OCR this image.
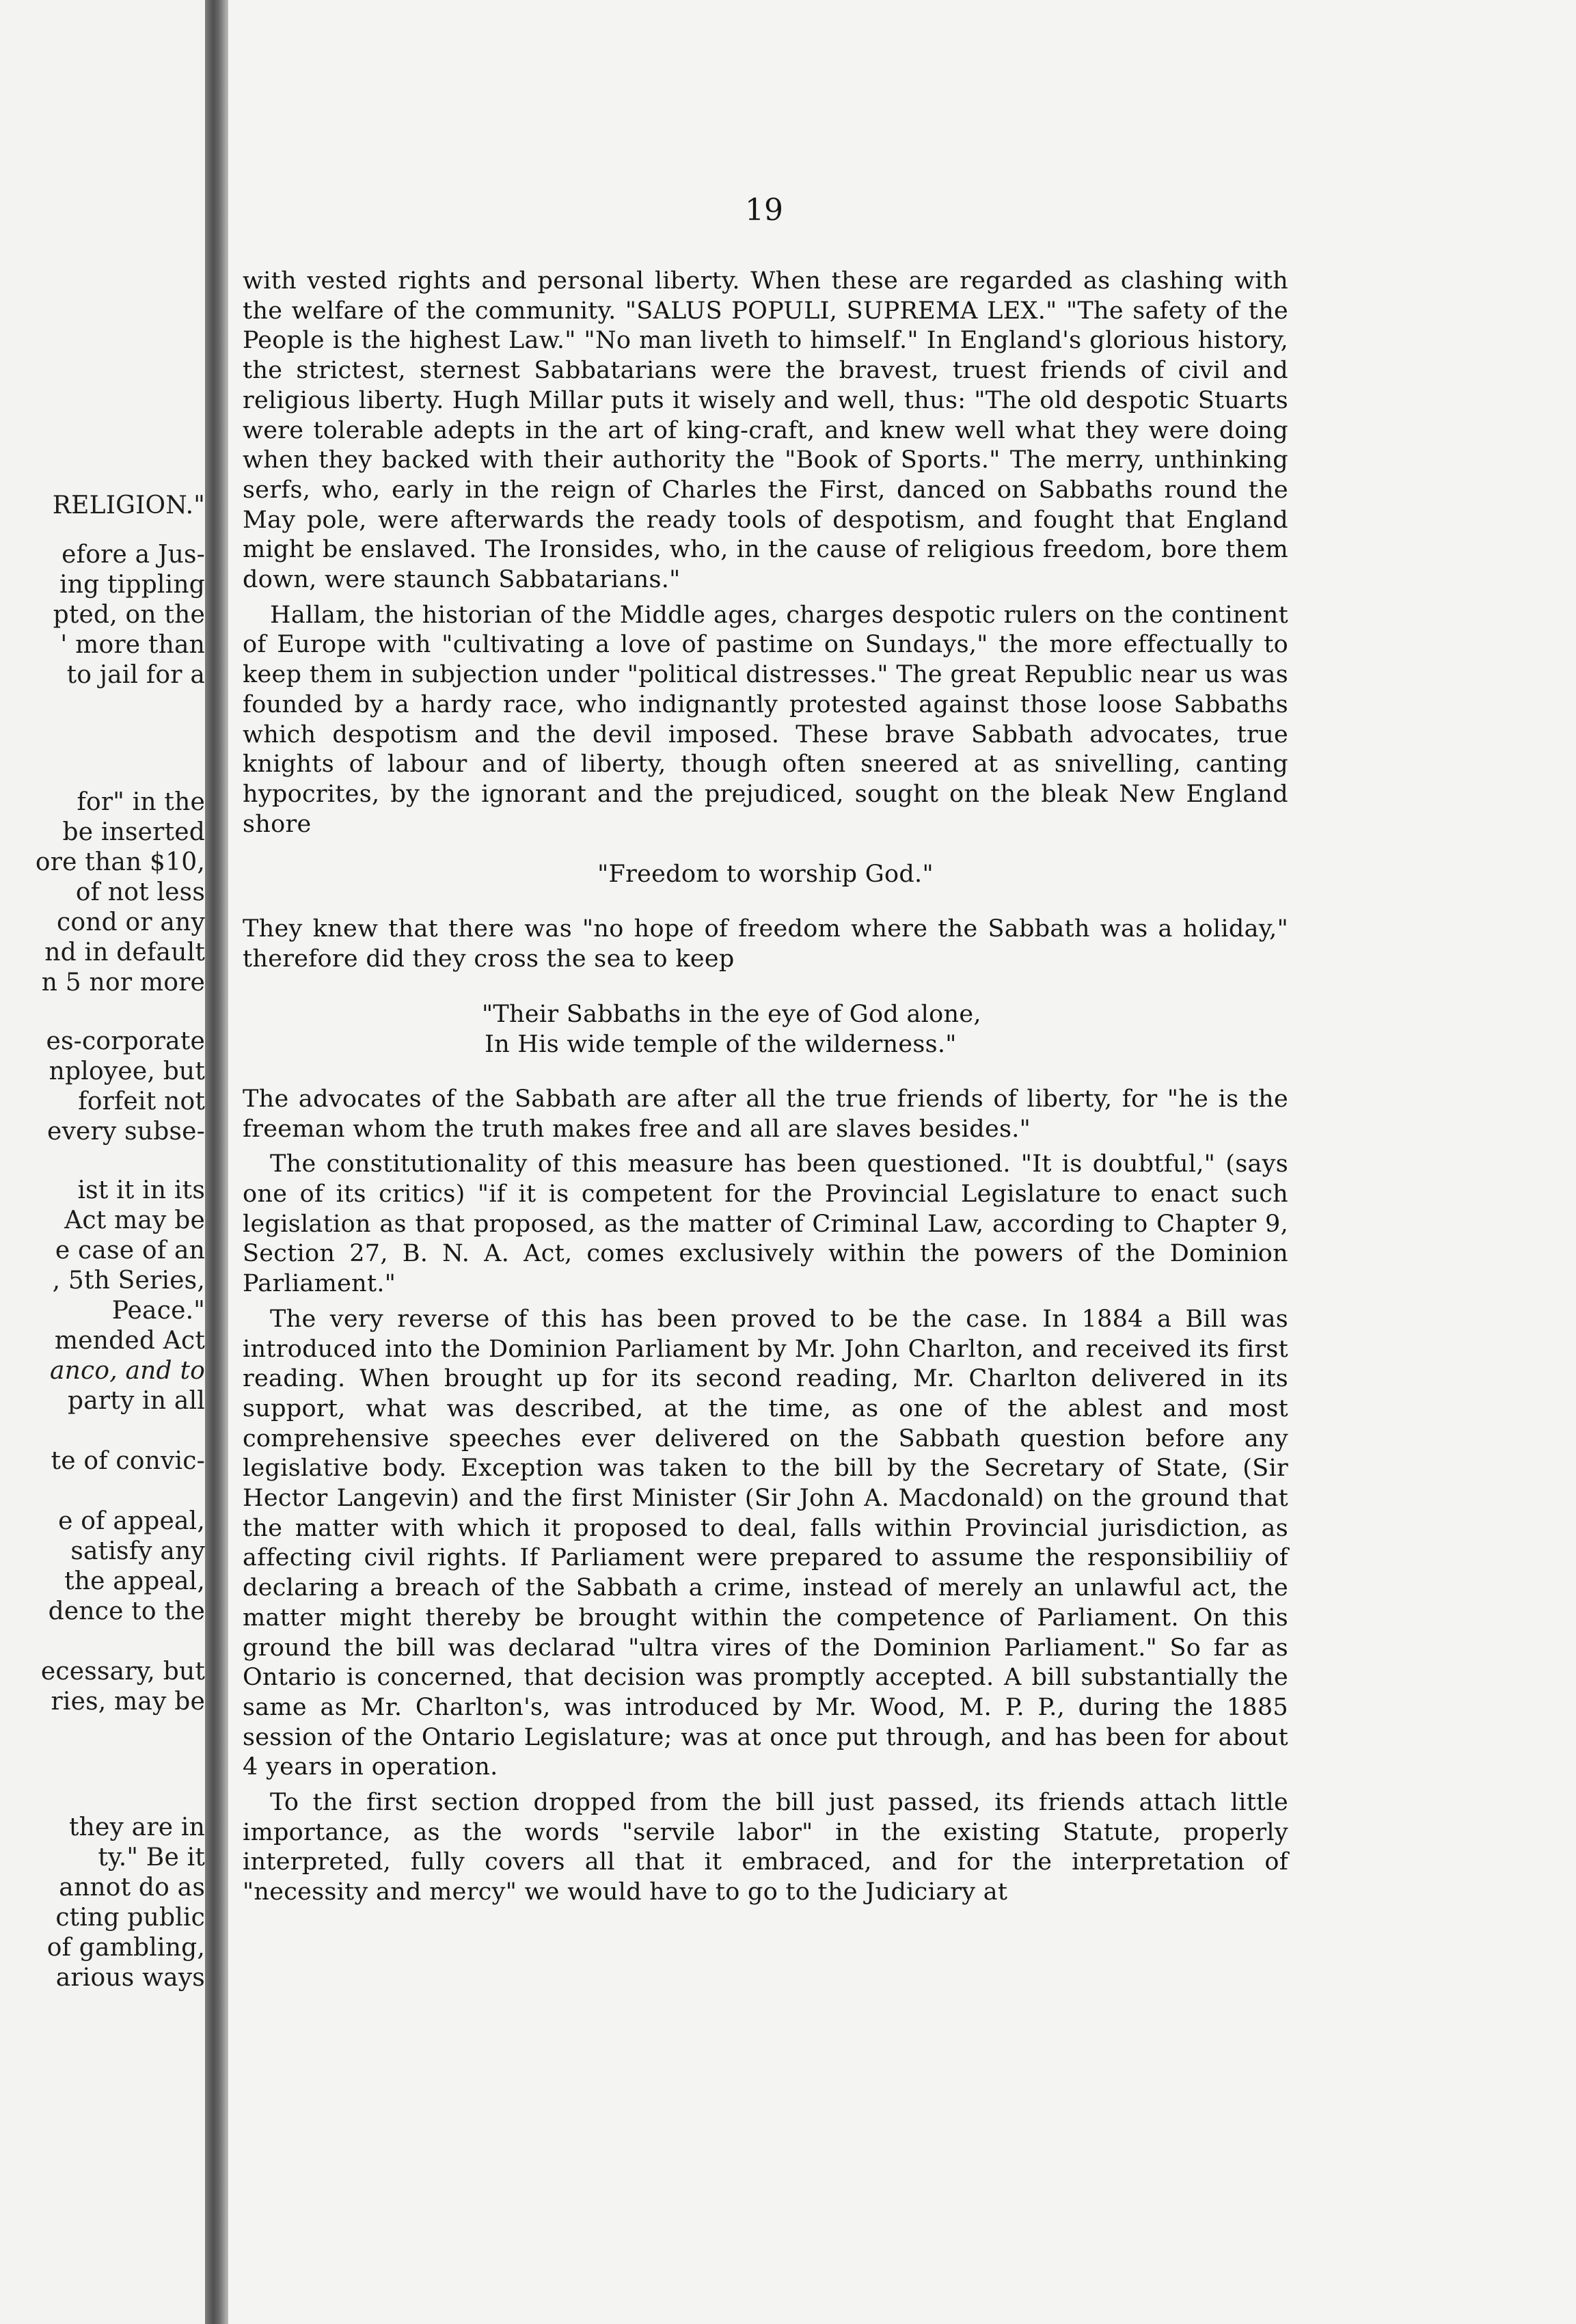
RELIGION."
efore a Jus-
ing tippling
pted, on the
' more than
to jail for a
for" in the
be inserted
ore than $10,
of not less
cond or any
nd in default
n 5 nor more
es-corporate
nployee, but
forfeit not
every subse-
ist it in its
Act may be
e case of an
, 5th Series,
Peace."
mended Act
anco, and to
party in all
te of convic-
e of appeal,
satisfy any
the appeal,
dence to the
ecessary, but
ries, may be
they are in
ty." Be it
annot do as
cting public
of gambling,
arious ways
19

with vested rights and personal liberty. When these are regarded as clashing with the welfare of the community. "SALUS POPULI, SUPREMA LEX." "The safety of the People is the highest Law." "No man liveth to himself." In England's glorious history, the strictest, sternest Sabbatarians were the bravest, truest friends of civil and religious liberty. Hugh Millar puts it wisely and well, thus: "The old despotic Stuarts were tolerable adepts in the art of king-craft, and knew well what they were doing when they backed with their authority the "Book of Sports." The merry, unthinking serfs, who, early in the reign of Charles the First, danced on Sabbaths round the May pole, were afterwards the ready tools of despotism, and fought that England might be enslaved. The Ironsides, who, in the cause of religious freedom, bore them down, were staunch Sabbatarians."

Hallam, the historian of the Middle ages, charges despotic rulers on the continent of Europe with "cultivating a love of pastime on Sundays," the more effectually to keep them in subjection under "political distresses." The great Republic near us was founded by a hardy race, who indignantly protested against those loose Sabbaths which despotism and the devil imposed. These brave Sabbath advocates, true knights of labour and of liberty, though often sneered at as snivelling, canting hypocrites, by the ignorant and the prejudiced, sought on the bleak New England shore

"Freedom to worship God."

They knew that there was "no hope of freedom where the Sabbath was a holiday," therefore did they cross the sea to keep

"Their Sabbaths in the eye of God alone,
In His wide temple of the wilderness."

The advocates of the Sabbath are after all the true friends of liberty, for "he is the freeman whom the truth makes free and all are slaves besides."

The constitutionality of this measure has been questioned. "It is doubtful," (says one of its critics) "if it is competent for the Provincial Legislature to enact such legislation as that proposed, as the matter of Criminal Law, according to Chapter 9, Section 27, B. N. A. Act, comes exclusively within the powers of the Dominion Parliament."

The very reverse of this has been proved to be the case. In 1884 a Bill was introduced into the Dominion Parliament by Mr. John Charlton, and received its first reading. When brought up for its second reading, Mr. Charlton delivered in its support, what was described, at the time, as one of the ablest and most comprehensive speeches ever delivered on the Sabbath question before any legislative body. Exception was taken to the bill by the Secretary of State, (Sir Hector Langevin) and the first Minister (Sir John A. Macdonald) on the ground that the matter with which it proposed to deal, falls within Provincial jurisdiction, as affecting civil rights. If Parliament were prepared to assume the responsibiliiy of declaring a breach of the Sabbath a crime, instead of merely an unlawful act, the matter might thereby be brought within the competence of Parliament. On this ground the bill was declarad "ultra vires of the Dominion Parliament." So far as Ontario is concerned, that decision was promptly accepted. A bill substantially the same as Mr. Charlton's, was introduced by Mr. Wood, M. P. P., during the 1885 session of the Ontario Legislature; was at once put through, and has been for about 4 years in operation.

To the first section dropped from the bill just passed, its friends attach little importance, as the words "servile labor" in the existing Statute, properly interpreted, fully covers all that it embraced, and for the interpretation of "necessity and mercy" we would have to go to the Judiciary at
